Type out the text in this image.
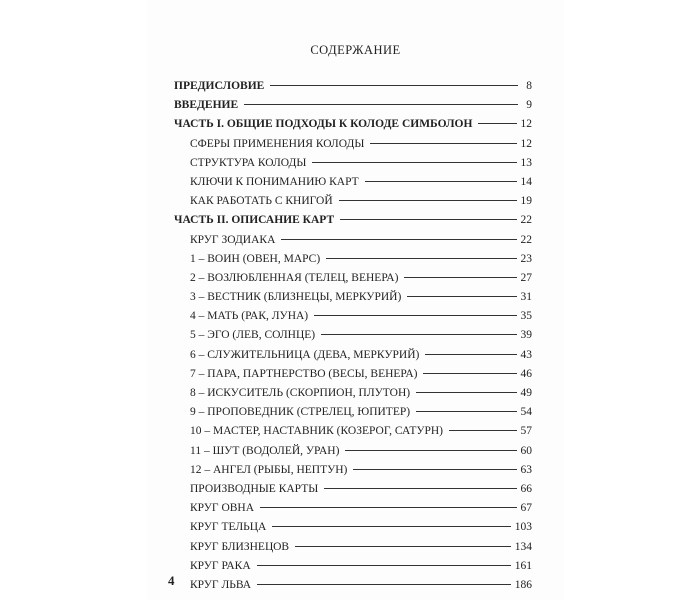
СОДЕРЖАНИЕ
ПРЕДИСЛОВИЕ	8
ВВЕДЕНИЕ	9
ЧАСТЬ I. ОБЩИЕ ПОДХОДЫ К КОЛОДЕ СИМБОЛОН	12
СФЕРЫ ПРИМЕНЕНИЯ КОЛОДЫ	12
СТРУКТУРА КОЛОДЫ	13
КЛЮЧИ К ПОНИМАНИЮ КАРТ	14
КАК РАБОТАТЬ С КНИГОЙ	19
ЧАСТЬ II. ОПИСАНИЕ КАРТ	22
КРУГ ЗОДИАКА	22
1 – ВОИН (ОВЕН, МАРС)	23
2 – ВОЗЛЮБЛЕННАЯ (ТЕЛЕЦ, ВЕНЕРА)	27
3 – ВЕСТНИК (БЛИЗНЕЦЫ, МЕРКУРИЙ)	31
4 – МАТЬ (РАК, ЛУНА)	35
5 – ЭГО (ЛЕВ, СОЛНЦЕ)	39
6 – СЛУЖИТЕЛЬНИЦА (ДЕВА, МЕРКУРИЙ)	43
7 – ПАРА, ПАРТНЕРСТВО (ВЕСЫ, ВЕНЕРА)	46
8 – ИСКУСИТЕЛЬ (СКОРПИОН, ПЛУТОН)	49
9 – ПРОПОВЕДНИК (СТРЕЛЕЦ, ЮПИТЕР)	54
10 – МАСТЕР, НАСТАВНИК (КОЗЕРОГ, САТУРН)	57
11 – ШУТ (ВОДОЛЕЙ, УРАН)	60
12 – АНГЕЛ (РЫБЫ, НЕПТУН)	63
ПРОИЗВОДНЫЕ КАРТЫ	66
КРУГ ОВНА	67
КРУГ ТЕЛЬЦА	103
КРУГ БЛИЗНЕЦОВ	134
КРУГ РАКА	161
КРУГ ЛЬВА	186
4
